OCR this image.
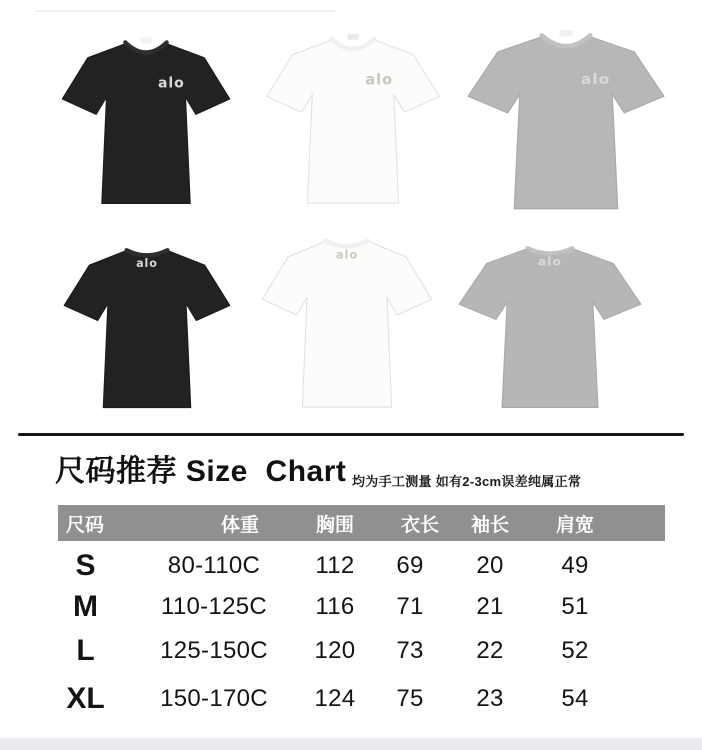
alo	alo	alo
alo
alo	alo
尺码推荐 Size  Chart 均为手工测量 如有2-3cm误差纯属正常
尺码	体重	胸围	衣长	袖长	肩宽
S	80-110C	112	69	20	49
M	110-125C	116	71	21	51
L	125-150C	120	73	22	52
XL	150-170C	124	75	23	54
